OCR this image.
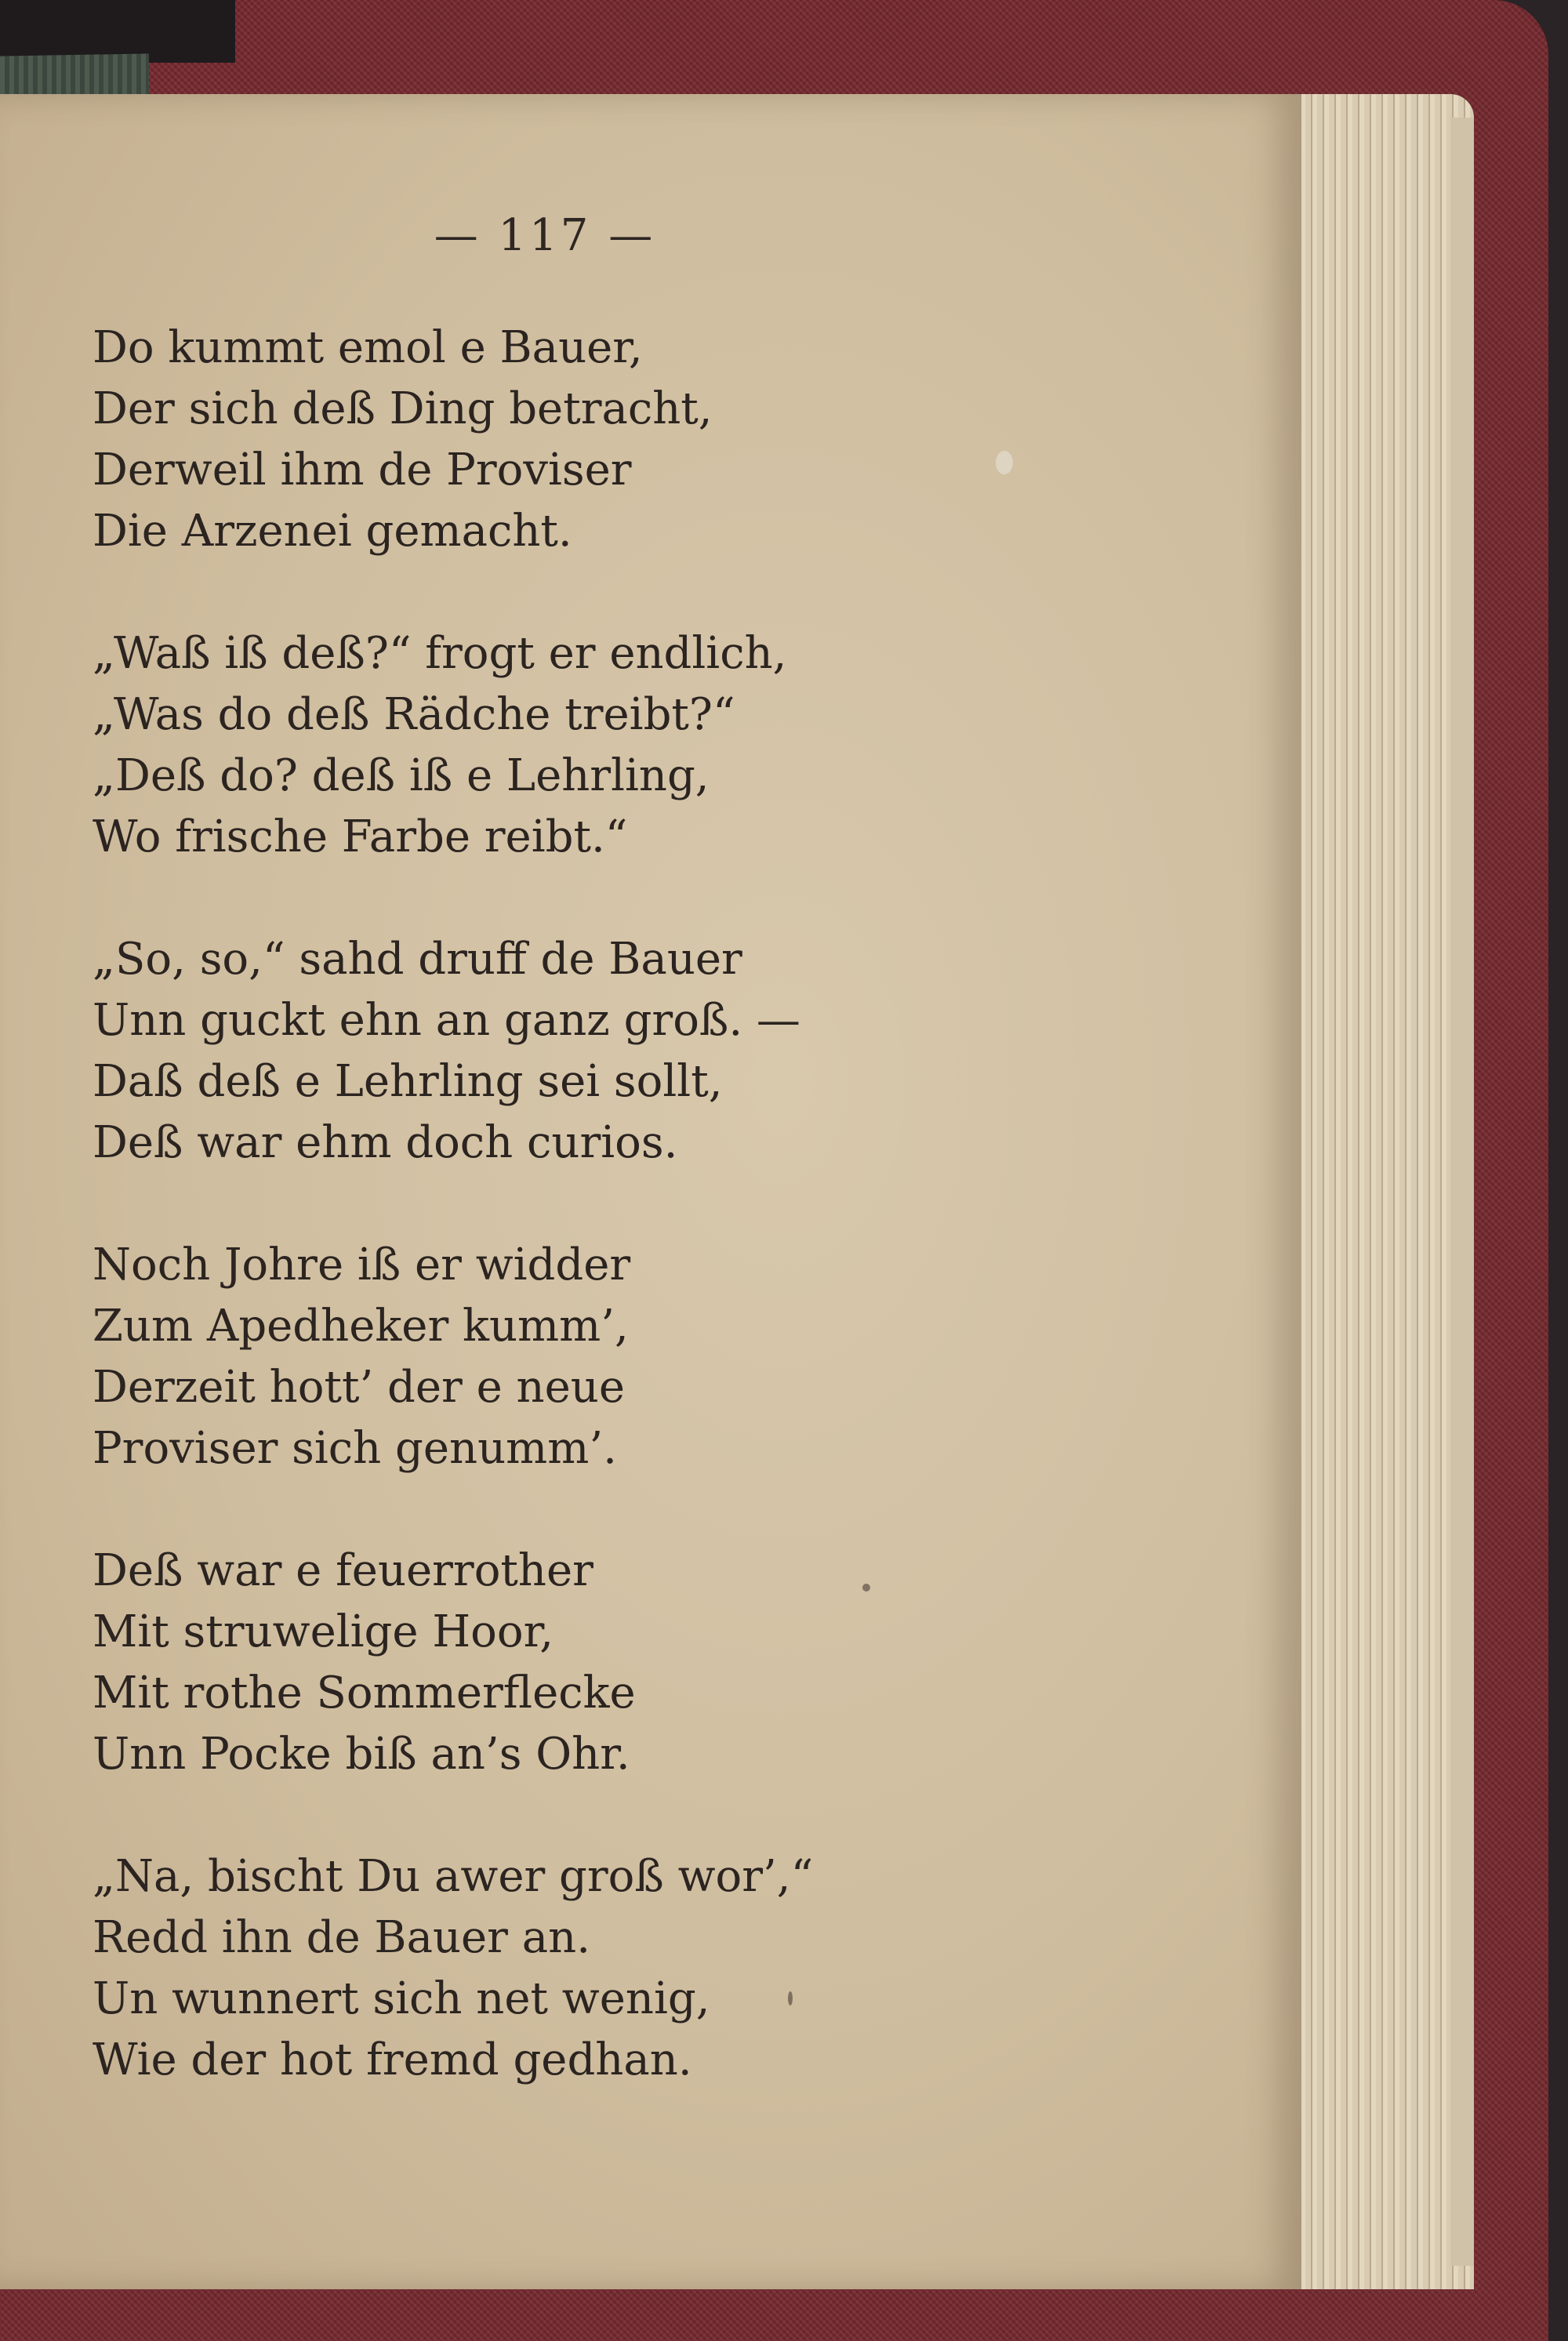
— 117 —
Do kummt emol e Bauer,
Der sich deß Ding betracht,
Derweil ihm de Proviser
Die Arzenei gemacht.
„Waß iß deß?“ frogt er endlich,
„Was do deß Rädche treibt?“
„Deß do? deß iß e Lehrling,
Wo frische Farbe reibt.“
„So, so,“ sahd druff de Bauer
Unn guckt ehn an ganz groß. —
Daß deß e Lehrling sei sollt,
Deß war ehm doch curios.
Noch Johre iß er widder
Zum Apedheker kumm’,
Derzeit hott’ der e neue
Proviser sich genumm’.
Deß war e feuerrother
Mit struwelige Hoor,
Mit rothe Sommerflecke
Unn Pocke biß an’s Ohr.
„Na, bischt Du awer groß wor’,“
Redd ihn de Bauer an.
Un wunnert sich net wenig,
Wie der hot fremd gedhan.
